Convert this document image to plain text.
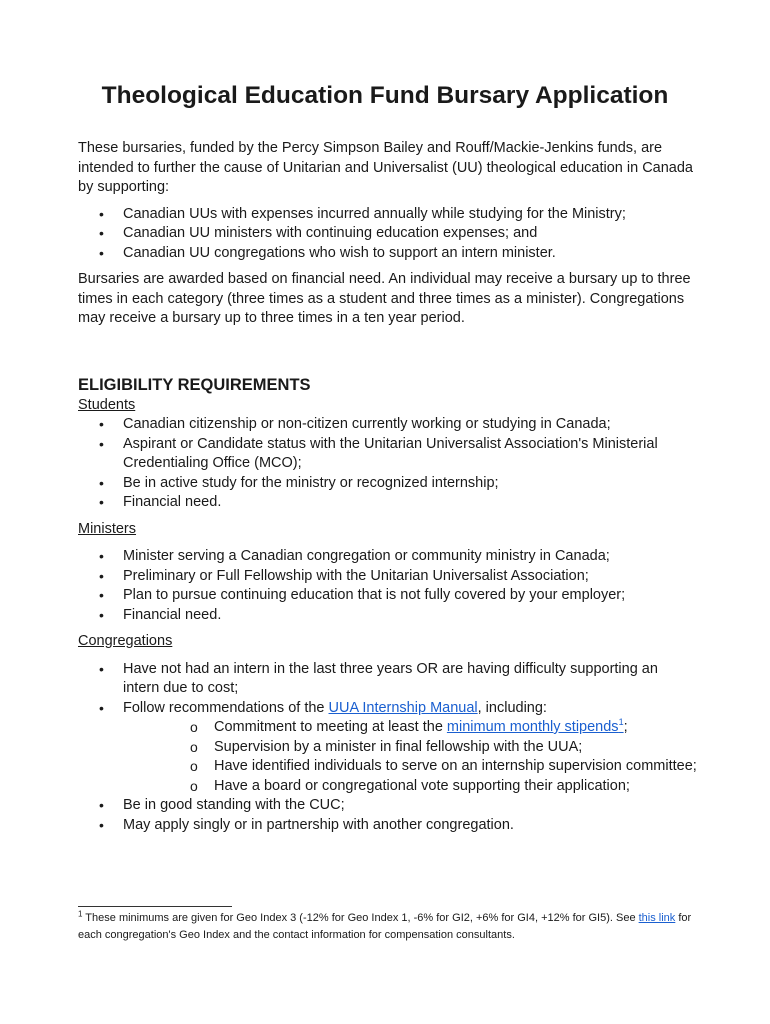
Theological Education Fund Bursary Application

These bursaries, funded by the Percy Simpson Bailey and Rouff/Mackie-Jenkins funds, are intended to further the cause of Unitarian and Universalist (UU) theological education in Canada by supporting:

• Canadian UUs with expenses incurred annually while studying for the Ministry;
• Canadian UU ministers with continuing education expenses; and
• Canadian UU congregations who wish to support an intern minister.

Bursaries are awarded based on financial need. An individual may receive a bursary up to three times in each category (three times as a student and three times as a minister). Congregations may receive a bursary up to three times in a ten year period.

ELIGIBILITY REQUIREMENTS
Students
• Canadian citizenship or non-citizen currently working or studying in Canada;
• Aspirant or Candidate status with the Unitarian Universalist Association's Ministerial Credentialing Office (MCO);
• Be in active study for the ministry or recognized internship;
• Financial need.
Ministers
• Minister serving a Canadian congregation or community ministry in Canada;
• Preliminary or Full Fellowship with the Unitarian Universalist Association;
• Plan to pursue continuing education that is not fully covered by your employer;
• Financial need.
Congregations
• Have not had an intern in the last three years OR are having difficulty supporting an intern due to cost;
• Follow recommendations of the UUA Internship Manual, including:
o Commitment to meeting at least the minimum monthly stipends$^1$;
o Supervision by a minister in final fellowship with the UUA;
o Have identified individuals to serve on an internship supervision committee;
o Have a board or congregational vote supporting their application;
• Be in good standing with the CUC;
• May apply singly or in partnership with another congregation.
$^1$ These minimums are given for Geo Index 3 (-12% for Geo Index 1, -6% for GI2, +6% for GI4, +12% for GI5). See this link for each congregation's Geo Index and the contact information for compensation consultants.
